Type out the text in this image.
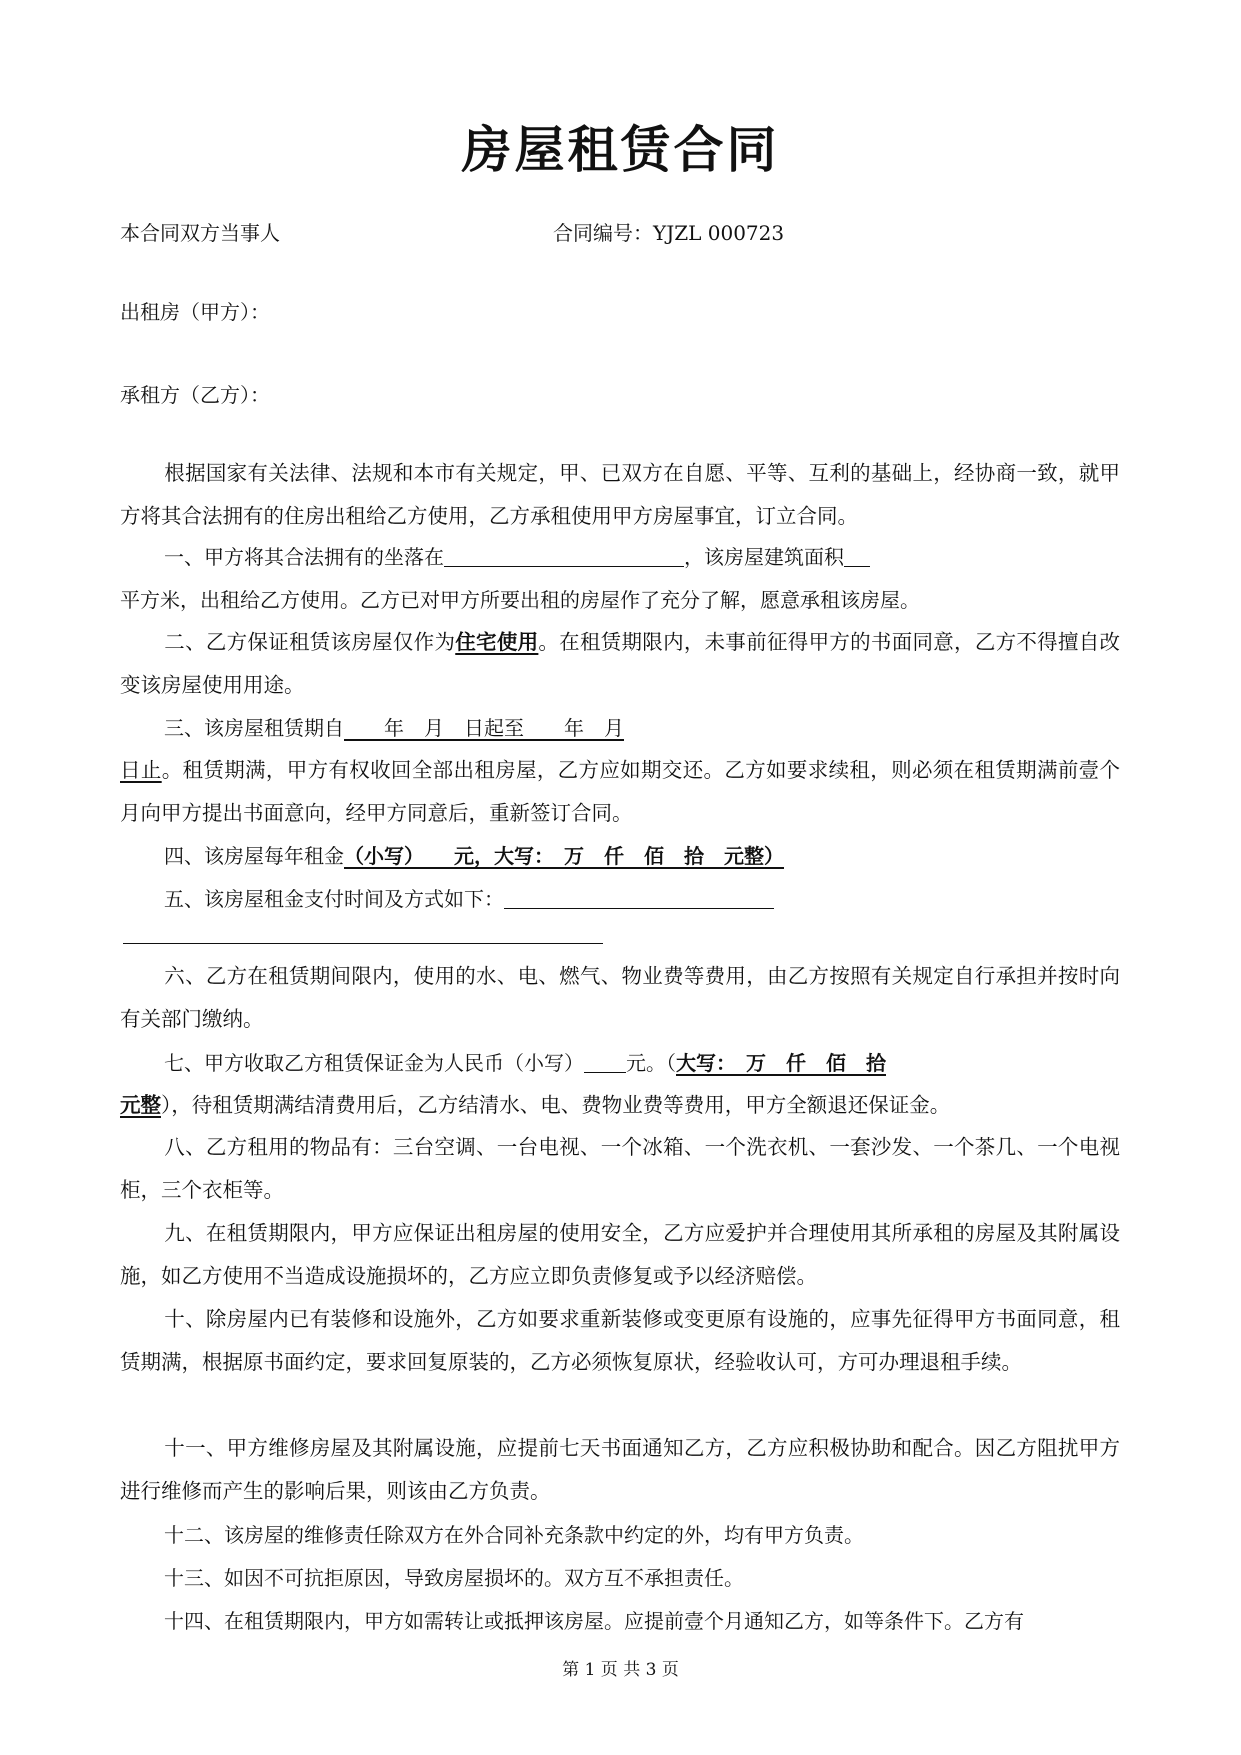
房屋租赁合同
本合同双方当事人	合同编号：YJZL 000723
出租房（甲方）：
承租方（乙方）：

根据国家有关法律、法规和本市有关规定，甲、已双方在自愿、平等、互利的基础上，经协商一致，就甲方将其合法拥有的住房出租给乙方使用，乙方承租使用甲方房屋事宜，订立合同。

一、甲方将其合法拥有的坐落在	，该房屋建筑面积
平方米，出租给乙方使用。乙方已对甲方所要出租的房屋作了充分了解，愿意承租该房屋。

二、乙方保证租赁该房屋仅作为住宅使用。在租赁期限内，未事前征得甲方的书面同意，乙方不得擅自改变该房屋使用用途。

三、该房屋租赁期自　　年　月　日起至　　年　月

日止。租赁期满，甲方有权收回全部出租房屋，乙方应如期交还。乙方如要求续租，则必须在租赁期满前壹个月向甲方提出书面意向，经甲方同意后，重新签订合同。

四、该房屋每年租金（小写）　　元，大写：　万　仟　佰　拾　元整）
五、该房屋租金支付时间及方式如下：

六、乙方在租赁期间限内，使用的水、电、燃气、物业费等费用，由乙方按照有关规定自行承担并按时向有关部门缴纳。

七、甲方收取乙方租赁保证金为人民币（小写） 元。（大写：　万　仟　佰　拾

元整），待租赁期满结清费用后，乙方结清水、电、费物业费等费用，甲方全额退还保证金。

八、乙方租用的物品有：三台空调、一台电视、一个冰箱、一个洗衣机、一套沙发、一个茶几、一个电视柜，三个衣柜等。

九、在租赁期限内，甲方应保证出租房屋的使用安全，乙方应爱护并合理使用其所承租的房屋及其附属设施，如乙方使用不当造成设施损坏的，乙方应立即负责修复或予以经济赔偿。

十、除房屋内已有装修和设施外，乙方如要求重新装修或变更原有设施的，应事先征得甲方书面同意，租赁期满，根据原书面约定，要求回复原装的，乙方必须恢复原状，经验收认可，方可办理退租手续。

十一、甲方维修房屋及其附属设施，应提前七天书面通知乙方，乙方应积极协助和配合。因乙方阻扰甲方进行维修而产生的影响后果，则该由乙方负责。

十二、该房屋的维修责任除双方在外合同补充条款中约定的外，均有甲方负责。
十三、如因不可抗拒原因，导致房屋损坏的。双方互不承担责任。
十四、在租赁期限内，甲方如需转让或抵押该房屋。应提前壹个月通知乙方，如等条件下。乙方有
第 1 页 共 3 页
